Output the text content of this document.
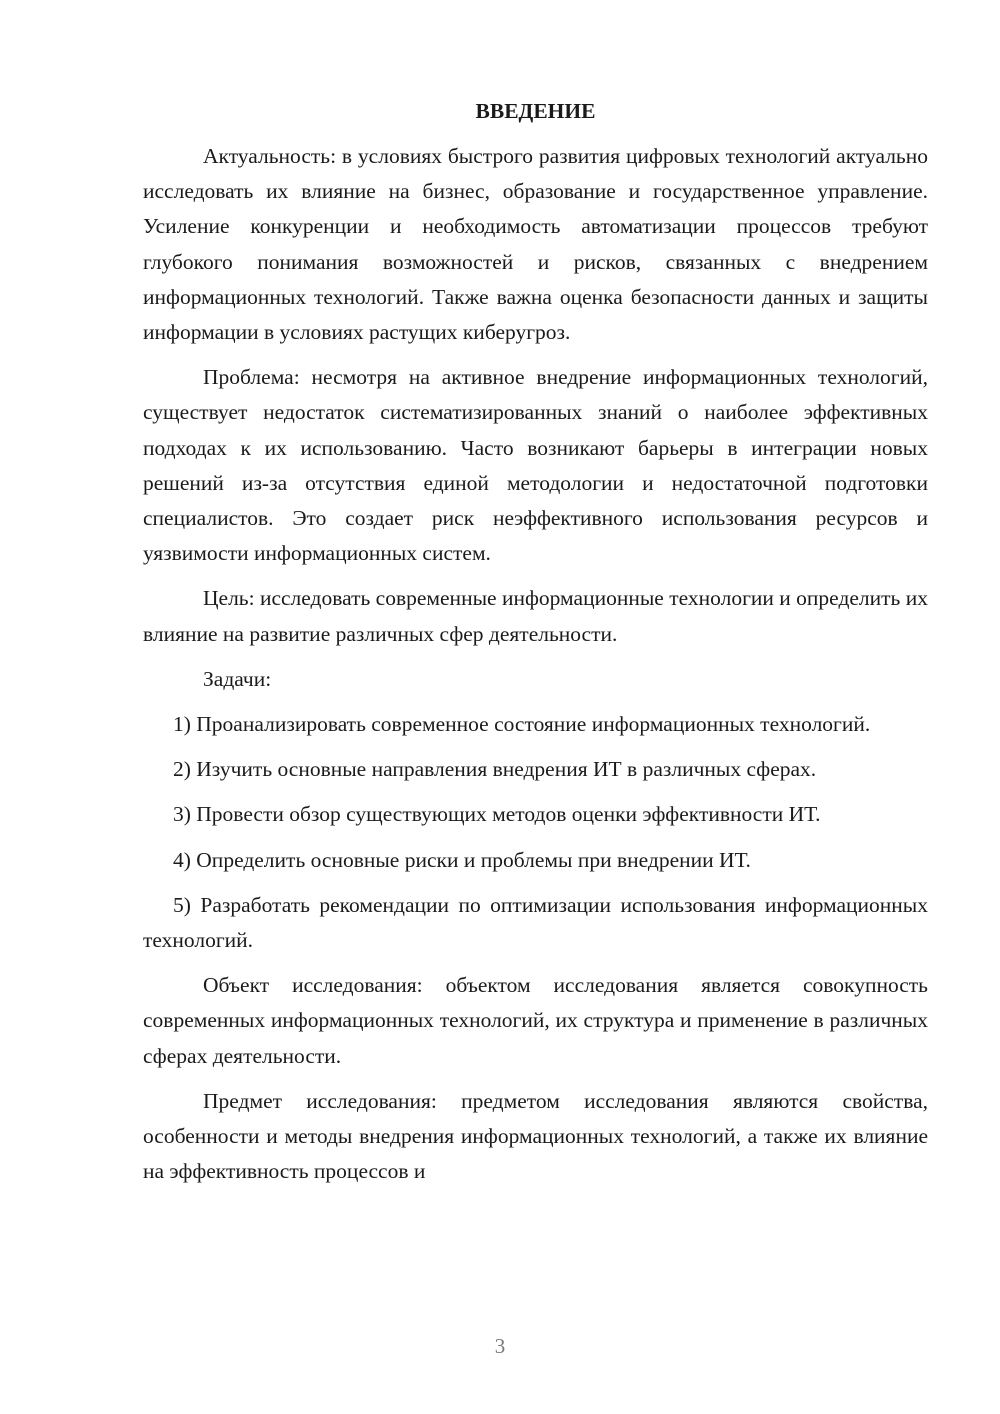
ВВЕДЕНИЕ

Актуальность: в условиях быстрого развития цифровых технологий актуально исследовать их влияние на бизнес, образование и государственное управление. Усиление конкуренции и необходимость автоматизации процессов требуют глубокого понимания возможностей и рисков, связанных с внедрением информационных технологий. Также важна оценка безопасности данных и защиты информации в условиях растущих киберугроз.

Проблема: несмотря на активное внедрение информационных технологий, существует недостаток систематизированных знаний о наиболее эффективных подходах к их использованию. Часто возникают барьеры в интеграции новых решений из-за отсутствия единой методологии и недостаточной подготовки специалистов. Это создает риск неэффективного использования ресурсов и уязвимости информационных систем.

Цель: исследовать современные информационные технологии и определить их влияние на развитие различных сфер деятельности.

Задачи:

1) Проанализировать современное состояние информационных технологий.

2) Изучить основные направления внедрения ИТ в различных сферах.

3) Провести обзор существующих методов оценки эффективности ИТ.

4) Определить основные риски и проблемы при внедрении ИТ.

5) Разработать рекомендации по оптимизации использования информационных технологий.

Объект исследования: объектом исследования является совокупность современных информационных технологий, их структура и применение в различных сферах деятельности.

Предмет исследования: предметом исследования являются свойства, особенности и методы внедрения информационных технологий, а также их влияние на эффективность процессов и

3
